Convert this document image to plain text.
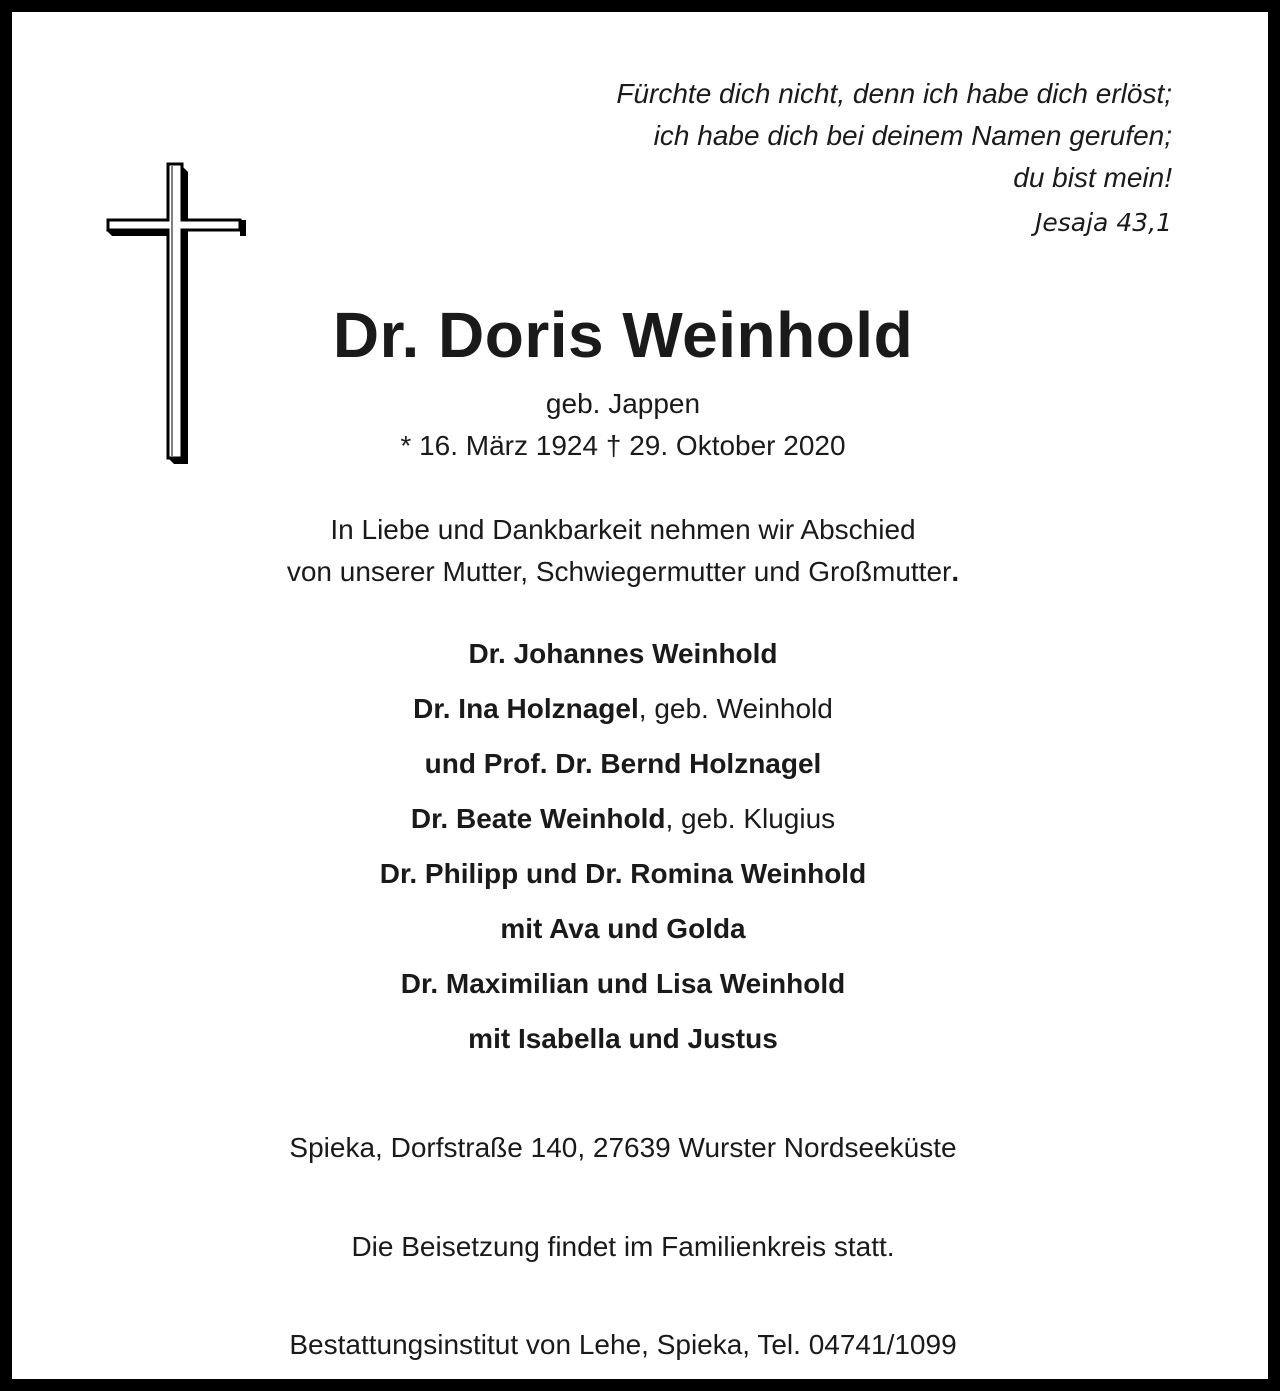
Fürchte dich nicht, denn ich habe dich erlöst;
ich habe dich bei deinem Namen gerufen;
du bist mein!
Jesaja 43,1
Dr. Doris Weinhold
geb. Jappen
* 16. März 1924 † 29. Oktober 2020
In Liebe und Dankbarkeit nehmen wir Abschied
von unserer Mutter, Schwiegermutter und Großmutter.
Dr. Johannes Weinhold
Dr. Ina Holznagel, geb. Weinhold
und Prof. Dr. Bernd Holznagel
Dr. Beate Weinhold, geb. Klugius
Dr. Philipp und Dr. Romina Weinhold
mit Ava und Golda
Dr. Maximilian und Lisa Weinhold
mit Isabella und Justus
Spieka, Dorfstraße 140, 27639 Wurster Nordseeküste
Die Beisetzung findet im Familienkreis statt.
Bestattungsinstitut von Lehe, Spieka, Tel. 04741/1099
